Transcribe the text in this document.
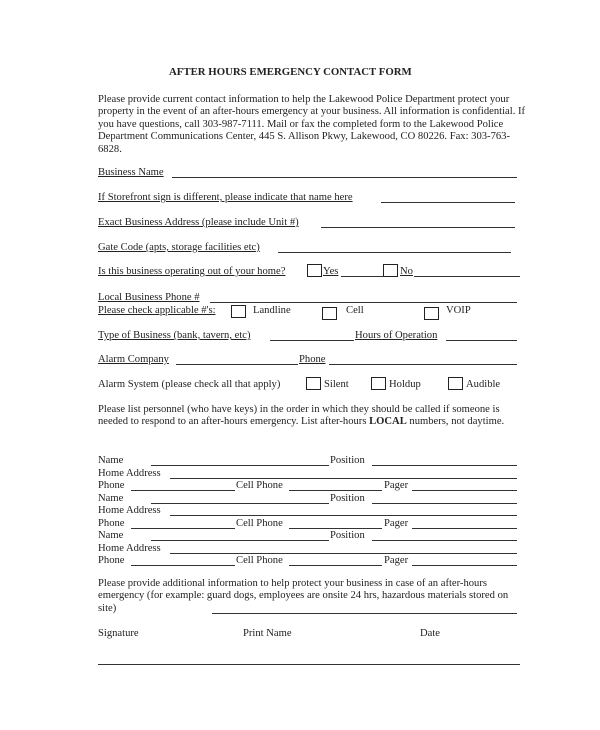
AFTER HOURS EMERGENCY CONTACT FORM
Please provide current contact information to help the Lakewood Police Department protect your property in the event of an after-hours emergency at your business. All information is confidential. If you have questions, call 303-987-7111. Mail or fax the completed form to the Lakewood Police Department Communications Center, 445 S. Allison Pkwy, Lakewood, CO 80226. Fax: 303-763-6828.
Business Name
If Storefront sign is different, please indicate that name here
Exact Business Address (please include Unit #)
Gate Code (apts, storage facilities etc)
Is this business operating out of your home?	Yes	No
Local Business Phone #
Please check applicable #'s:	Landline	Cell	VOIP
Type of Business (bank, tavern, etc)	Hours of Operation
Alarm Company	Phone
Alarm System (please check all that apply)	Silent	Holdup	Audible
Please list personnel (who have keys) in the order in which they should be called if someone is needed to respond to an after-hours emergency. List after-hours LOCAL numbers, not daytime.
Name	Position
Home Address
Phone	Cell Phone	Pager
Name	Position
Home Address
Phone	Cell Phone	Pager
Name	Position
Home Address
Phone	Cell Phone	Pager
Please provide additional information to help protect your business in case of an after-hours emergency (for example: guard dogs, employees are onsite 24 hrs, hazardous materials stored on site)
Signature	Print Name	Date
